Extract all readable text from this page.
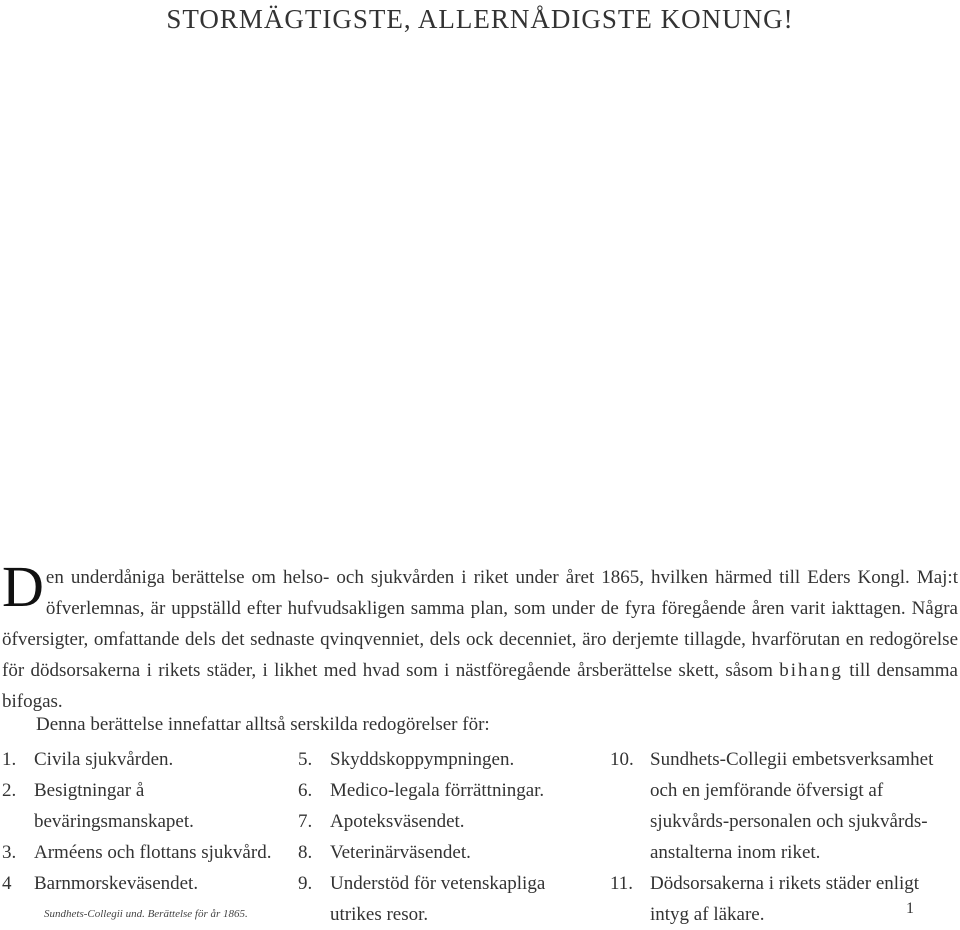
STORMÄGTIGSTE, ALLERNÅDIGSTE KONUNG!
Den underdåniga berättelse om helso- och sjukvården i riket under året 1865, hvilken härmed till Eders Kongl. Maj:t öfverlemnas, är uppställd efter hufvudsakligen samma plan, som under de fyra föregående åren varit iakttagen. Några öfversigter, omfattande dels det sednaste qvinqvenniet, dels ock decenniet, äro derjemte tillagde, hvarförutan en redogörelse för dödsorsakerna i rikets städer, i likhet med hvad som i nästföregående årsberättelse skett, såsom bihang till densamma bifogas.
Denna berättelse innefattar alltså serskilda redogörelser för:
1. Civila sjukvården.
2. Besigtningar å beväringsmanskapet.
3. Arméens och flottans sjukvård.
4	Barnmorskeväsendet.
5. Skyddskoppympningen.
6. Medico-legala förrättningar.
7. Apoteksväsendet.
8. Veterinärväsendet.
9. Understöd för vetenskapliga utrikes resor.
10. Sundhets-Collegii embetsverksamhet och en jemförande öfversigt af sjukvårds-personalen och sjukvårds-anstalterna inom riket.
11. Dödsorsakerna i rikets städer enligt intyg af läkare.
Sundhets-Collegii und. Berättelse för år 1865.	1
